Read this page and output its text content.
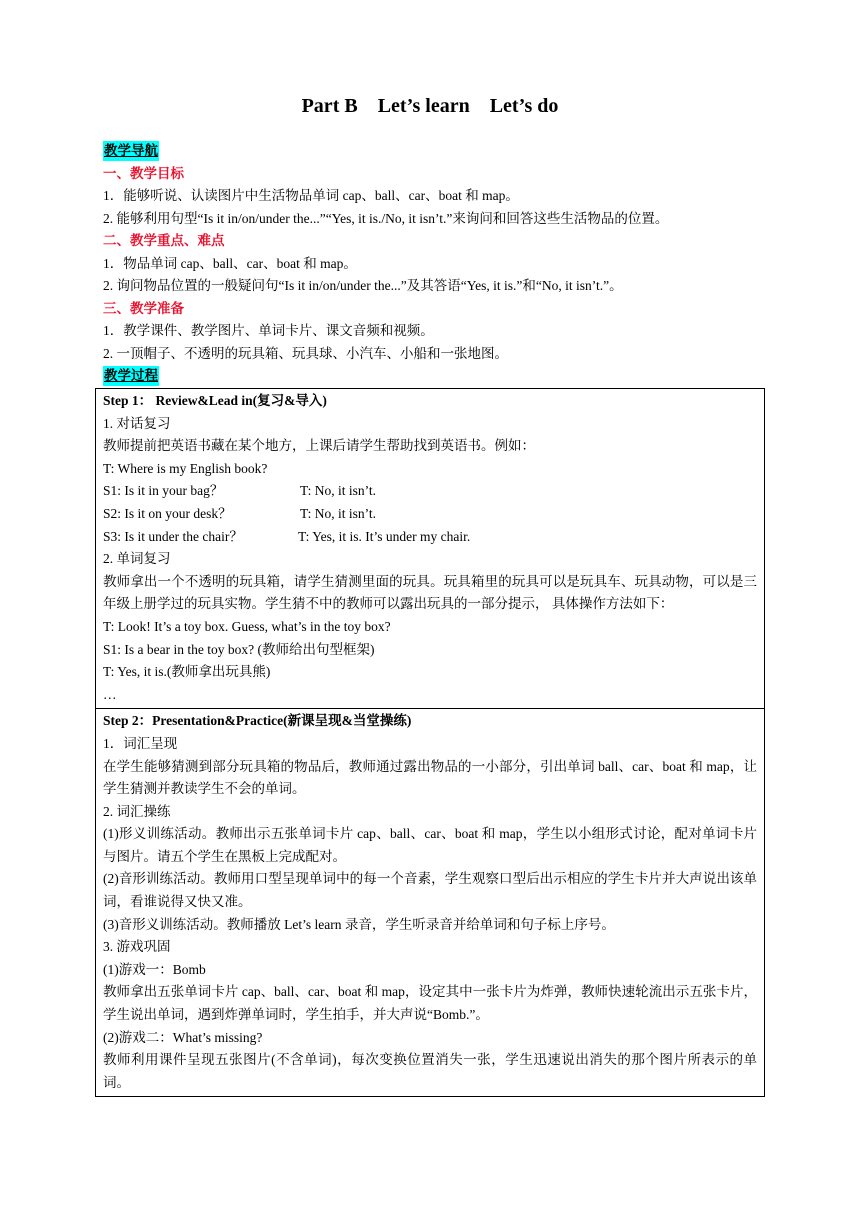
Part B    Let’s learn    Let’s do
教学导航
一、教学目标
1．能够听说、认读图片中生活物品单词 cap、ball、car、boat 和 map。
2. 能够利用句型“Is it in/on/under the...”“Yes, it is./No, it isn’t.”来询问和回答这些生活物品的位置。
二、教学重点、难点
1．物品单词 cap、ball、car、boat 和 map。
2. 询问物品位置的一般疑问句“Is it in/on/under the...”及其答语“Yes, it is.”和“No, it isn’t.”。
三、教学准备
1．教学课件、教学图片、单词卡片、课文音频和视频。
2. 一顶帽子、不透明的玩具箱、玩具球、小汽车、小船和一张地图。
教学过程
Step 1： Review&Lead in(复习&导入)
1. 对话复习
教师提前把英语书藏在某个地方，上课后请学生帮助找到英语书。例如：
T: Where is my English book?
S1: Is it in your bag？	T: No, it isn’t.
S2: Is it on your desk？	T: No, it isn’t.
S3: Is it under the chair？	T: Yes, it is. It’s under my chair.
2. 单词复习
教师拿出一个不透明的玩具箱，请学生猜测里面的玩具。玩具箱里的玩具可以是玩具车、玩具动物，可以是三年级上册学过的玩具实物。学生猜不中的教师可以露出玩具的一部分提示， 具体操作方法如下：
T: Look! It’s a toy box. Guess, what’s in the toy box?
S1: Is a bear in the toy box? (教师给出句型框架)
T: Yes, it is.(教师拿出玩具熊)
…

Step 2：Presentation&Practice(新课呈现&当堂操练)
1．词汇呈现
在学生能够猜测到部分玩具箱的物品后，教师通过露出物品的一小部分，引出单词 ball、car、boat 和 map，让学生猜测并教读学生不会的单词。
2. 词汇操练
(1)形义训练活动。教师出示五张单词卡片 cap、ball、car、boat 和 map，学生以小组形式讨论，配对单词卡片与图片。请五个学生在黑板上完成配对。
(2)音形训练活动。教师用口型呈现单词中的每一个音素，学生观察口型后出示相应的学生卡片并大声说出该单词，看谁说得又快又准。
(3)音形义训练活动。教师播放 Let’s learn 录音，学生听录音并给单词和句子标上序号。
3. 游戏巩固
(1)游戏一：Bomb
教师拿出五张单词卡片 cap、ball、car、boat 和 map，设定其中一张卡片为炸弹，教师快速轮流出示五张卡片，学生说出单词，遇到炸弹单词时，学生拍手，并大声说“Bomb.”。
(2)游戏二：What’s missing?
教师利用课件呈现五张图片(不含单词)，每次变换位置消失一张，学生迅速说出消失的那个图片所表示的单词。
